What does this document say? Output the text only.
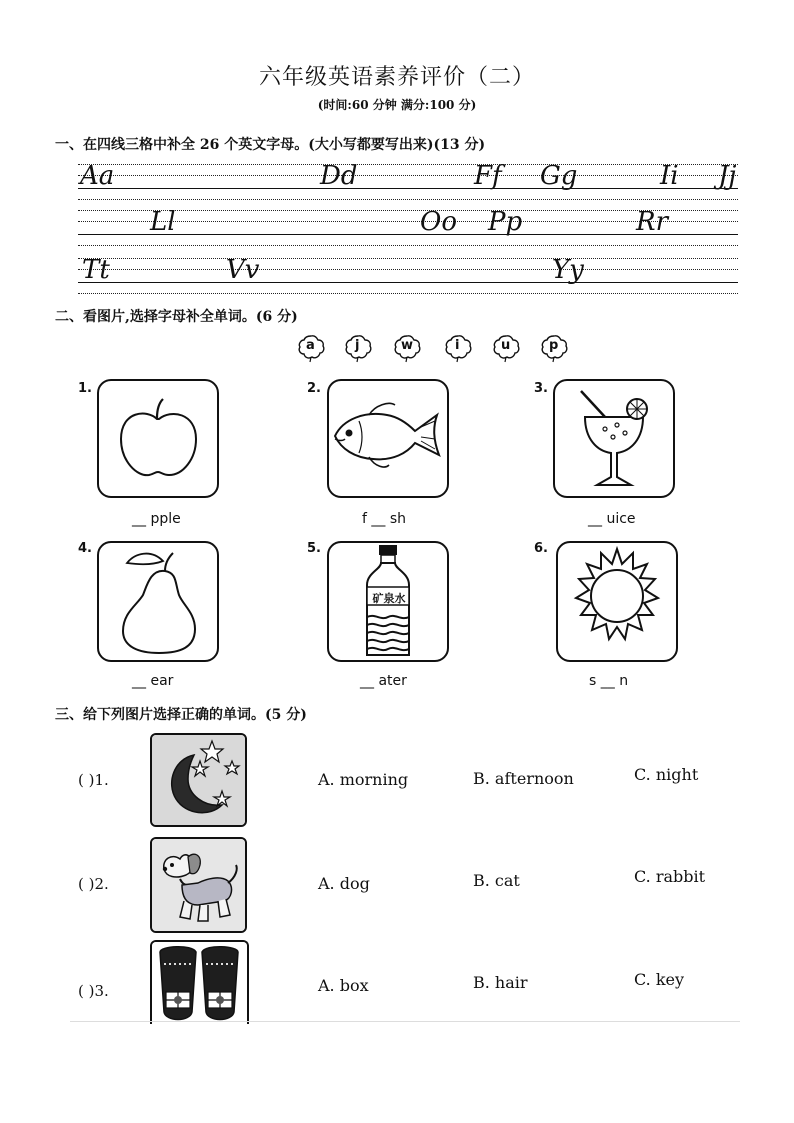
六年级英语素养评价（二）
(时间:60 分钟 满分:100 分)
一、在四线三格中补全 26 个英文字母。(大小写都要写出来)(13 分)
Aa	Dd	Ff Gg	Ii Jj
Ll	Oo Pp	Rr
Tt	Vv	Yy
二、看图片,选择字母补全单词。(6 分)
a	j	w	i	u	p
1.
__ pple
2.
f __ sh
3.
__ uice
4.
__ ear
5.
矿泉水
__ ater
6.
s __ n
三、给下列图片选择正确的单词。(5 分)
( )1.	A. morning	B. afternoon	C. night
( )2.	A. dog	B. cat	C. rabbit
( )3.	A. box	B. hair	C. key
